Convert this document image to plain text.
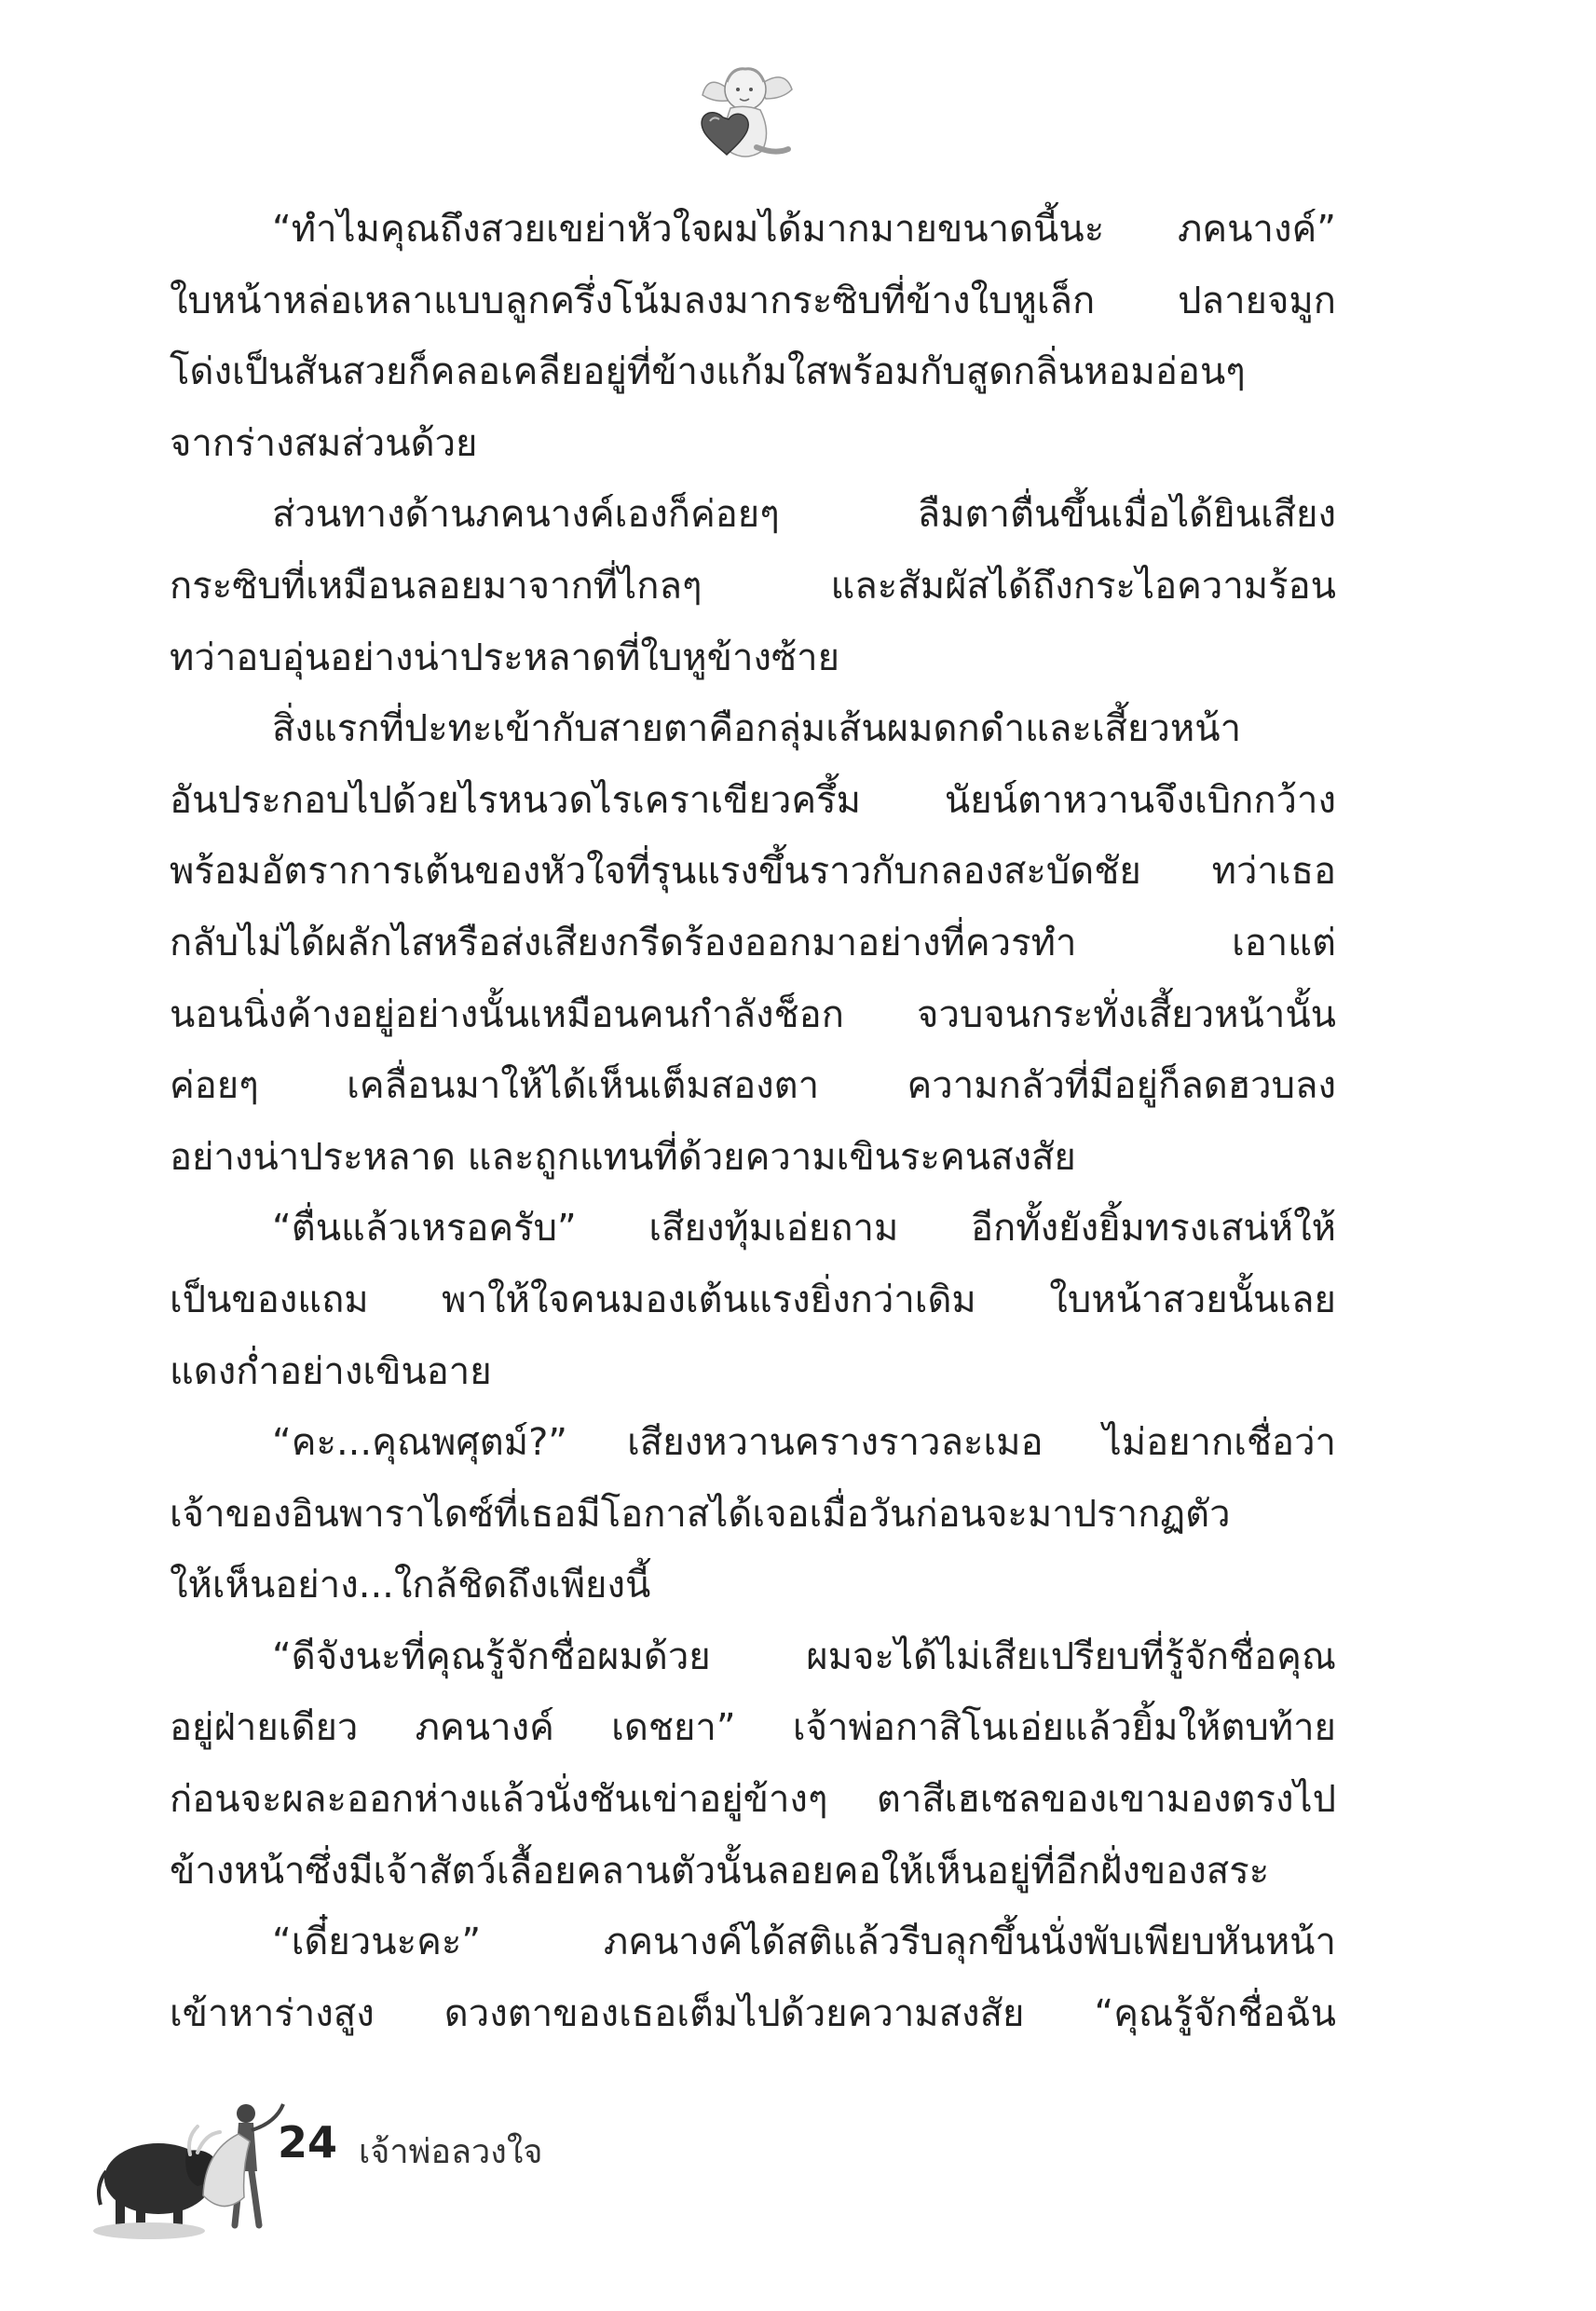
“ทำไมคุณถึงสวยเขย่าหัวใจผมได้มากมายขนาดนี้นะ ภคนางค์”
ใบหน้าหล่อเหลาแบบลูกครึ่งโน้มลงมากระซิบที่ข้างใบหูเล็ก ปลายจมูก
โด่งเป็นสันสวยก็คลอเคลียอยู่ที่ข้างแก้มใสพร้อมกับสูดกลิ่นหอมอ่อนๆ
จากร่างสมส่วนด้วย
ส่วนทางด้านภคนางค์เองก็ค่อยๆ ลืมตาตื่นขึ้นเมื่อได้ยินเสียง
กระซิบที่เหมือนลอยมาจากที่ไกลๆ และสัมผัสได้ถึงกระไอความร้อน
ทว่าอบอุ่นอย่างน่าประหลาดที่ใบหูข้างซ้าย
สิ่งแรกที่ปะทะเข้ากับสายตาคือกลุ่มเส้นผมดกดำและเสี้ยวหน้า
อันประกอบไปด้วยไรหนวดไรเคราเขียวครึ้ม นัยน์ตาหวานจึงเบิกกว้าง
พร้อมอัตราการเต้นของหัวใจที่รุนแรงขึ้นราวกับกลองสะบัดชัย ทว่าเธอ
กลับไม่ได้ผลักไสหรือส่งเสียงกรีดร้องออกมาอย่างที่ควรทำ เอาแต่
นอนนิ่งค้างอยู่อย่างนั้นเหมือนคนกำลังช็อก จวบจนกระทั่งเสี้ยวหน้านั้น
ค่อยๆ เคลื่อนมาให้ได้เห็นเต็มสองตา ความกลัวที่มีอยู่ก็ลดฮวบลง
อย่างน่าประหลาด และถูกแทนที่ด้วยความเขินระคนสงสัย
“ตื่นแล้วเหรอครับ” เสียงทุ้มเอ่ยถาม อีกทั้งยังยิ้มทรงเสน่ห์ให้
เป็นของแถม พาให้ใจคนมองเต้นแรงยิ่งกว่าเดิม ใบหน้าสวยนั้นเลย
แดงก่ำอย่างเขินอาย
“คะ...คุณพศุตม์?” เสียงหวานครางราวละเมอ ไม่อยากเชื่อว่า
เจ้าของอินพาราไดซ์ที่เธอมีโอกาสได้เจอเมื่อวันก่อนจะมาปรากฏตัว
ให้เห็นอย่าง...ใกล้ชิดถึงเพียงนี้
“ดีจังนะที่คุณรู้จักชื่อผมด้วย ผมจะได้ไม่เสียเปรียบที่รู้จักชื่อคุณ
อยู่ฝ่ายเดียว ภคนางค์ เดชยา” เจ้าพ่อกาสิโนเอ่ยแล้วยิ้มให้ตบท้าย
ก่อนจะผละออกห่างแล้วนั่งชันเข่าอยู่ข้างๆ ตาสีเฮเซลของเขามองตรงไป
ข้างหน้าซึ่งมีเจ้าสัตว์เลื้อยคลานตัวนั้นลอยคอให้เห็นอยู่ที่อีกฝั่งของสระ
“เดี๋ยวนะคะ” ภคนางค์ได้สติแล้วรีบลุกขึ้นนั่งพับเพียบหันหน้า
เข้าหาร่างสูง ดวงตาของเธอเต็มไปด้วยความสงสัย “คุณรู้จักชื่อฉัน
24 เจ้าพ่อลวงใจ
